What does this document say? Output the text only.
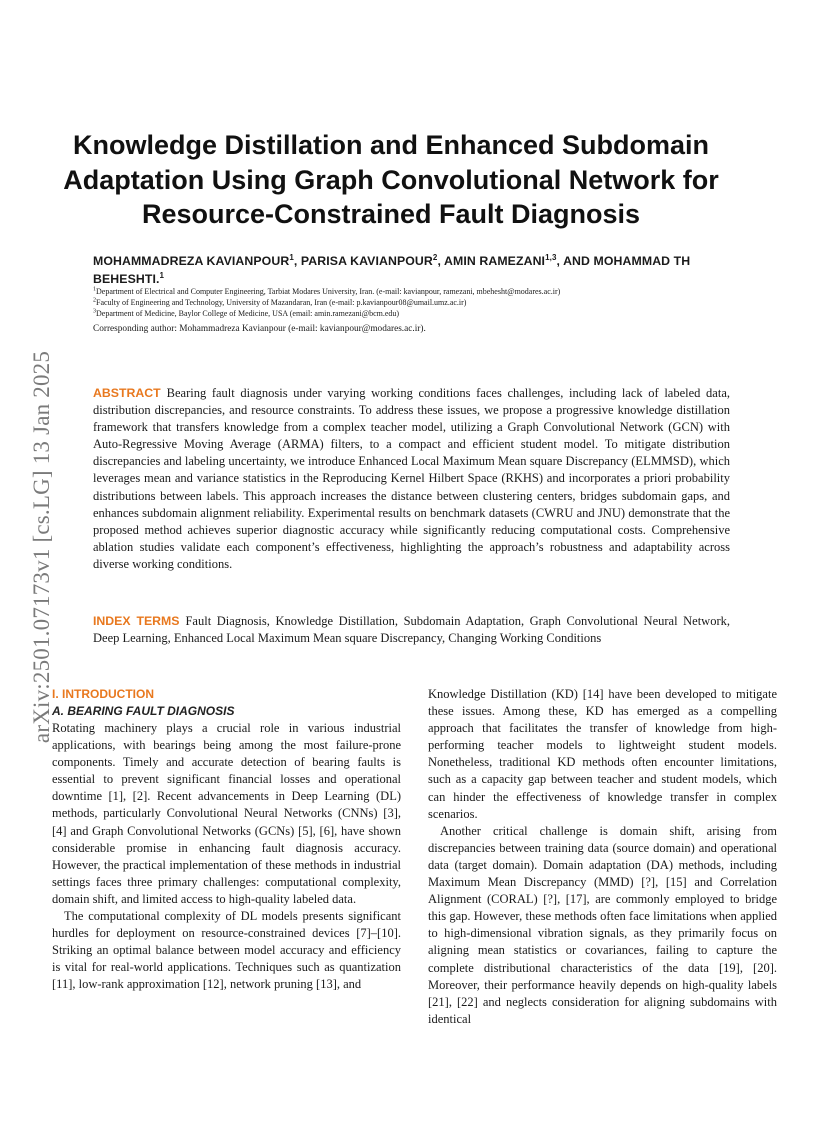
arXiv:2501.07173v1 [cs.LG] 13 Jan 2025
Knowledge Distillation and Enhanced Subdomain Adaptation Using Graph Convolutional Network for Resource-Constrained Fault Diagnosis

MOHAMMADREZA KAVIANPOUR$^1$, PARISA KAVIANPOUR$^2$, AMIN RAMEZANI$^{1,3}$, AND MOHAMMAD TH BEHESHTI.$^1$

$^1$Department of Electrical and Computer Engineering, Tarbiat Modares University, Iran. (e-mail: kavianpour, ramezani, mbehesht@modares.ac.ir)

$^2$Faculty of Engineering and Technology, University of Mazandaran, Iran (e-mail: p.kavianpour08@umail.umz.ac.ir)

$^3$Department of Medicine, Baylor College of Medicine, USA (email: amin.ramezani@bcm.edu)

Corresponding author: Mohammadreza Kavianpour (e-mail: kavianpour@modares.ac.ir).

ABSTRACT Bearing fault diagnosis under varying working conditions faces challenges, including lack of labeled data, distribution discrepancies, and resource constraints. To address these issues, we propose a progressive knowledge distillation framework that transfers knowledge from a complex teacher model, utilizing a Graph Convolutional Network (GCN) with Auto-Regressive Moving Average (ARMA) filters, to a compact and efficient student model. To mitigate distribution discrepancies and labeling uncertainty, we introduce Enhanced Local Maximum Mean square Discrepancy (ELMMSD), which leverages mean and variance statistics in the Reproducing Kernel Hilbert Space (RKHS) and incorporates a priori probability distributions between labels. This approach increases the distance between clustering centers, bridges subdomain gaps, and enhances subdomain alignment reliability. Experimental results on benchmark datasets (CWRU and JNU) demonstrate that the proposed method achieves superior diagnostic accuracy while significantly reducing computational costs. Comprehensive ablation studies validate each component’s effectiveness, highlighting the approach’s robustness and adaptability across diverse working conditions.

INDEX TERMS Fault Diagnosis, Knowledge Distillation, Subdomain Adaptation, Graph Convolutional Neural Network, Deep Learning, Enhanced Local Maximum Mean square Discrepancy, Changing Working Conditions

I. INTRODUCTION
A. BEARING FAULT DIAGNOSIS

Rotating machinery plays a crucial role in various industrial applications, with bearings being among the most failure-prone components. Timely and accurate detection of bearing faults is essential to prevent significant financial losses and operational downtime [1], [2]. Recent advancements in Deep Learning (DL) methods, particularly Convolutional Neural Networks (CNNs) [3], [4] and Graph Convolutional Networks (GCNs) [5], [6], have shown considerable promise in enhancing fault diagnosis accuracy. However, the practical implementation of these methods in industrial settings faces three primary challenges: computational complexity, domain shift, and limited access to high-quality labeled data.

The computational complexity of DL models presents significant hurdles for deployment on resource-constrained devices [7]–[10]. Striking an optimal balance between model accuracy and efficiency is vital for real-world applications. Techniques such as quantization [11], low-rank approximation [12], network pruning [13], and

Knowledge Distillation (KD) [14] have been developed to mitigate these issues. Among these, KD has emerged as a compelling approach that facilitates the transfer of knowledge from high-performing teacher models to lightweight student models. Nonetheless, traditional KD methods often encounter limitations, such as a capacity gap between teacher and student models, which can hinder the effectiveness of knowledge transfer in complex scenarios.

Another critical challenge is domain shift, arising from discrepancies between training data (source domain) and operational data (target domain). Domain adaptation (DA) methods, including Maximum Mean Discrepancy (MMD) [?], [15] and Correlation Alignment (CORAL) [?], [17], are commonly employed to bridge this gap. However, these methods often face limitations when applied to high-dimensional vibration signals, as they primarily focus on aligning mean statistics or covariances, failing to capture the complete distributional characteristics of the data [19], [20]. Moreover, their performance heavily depends on high-quality labels [21], [22] and neglects consideration for aligning subdomains with identical
